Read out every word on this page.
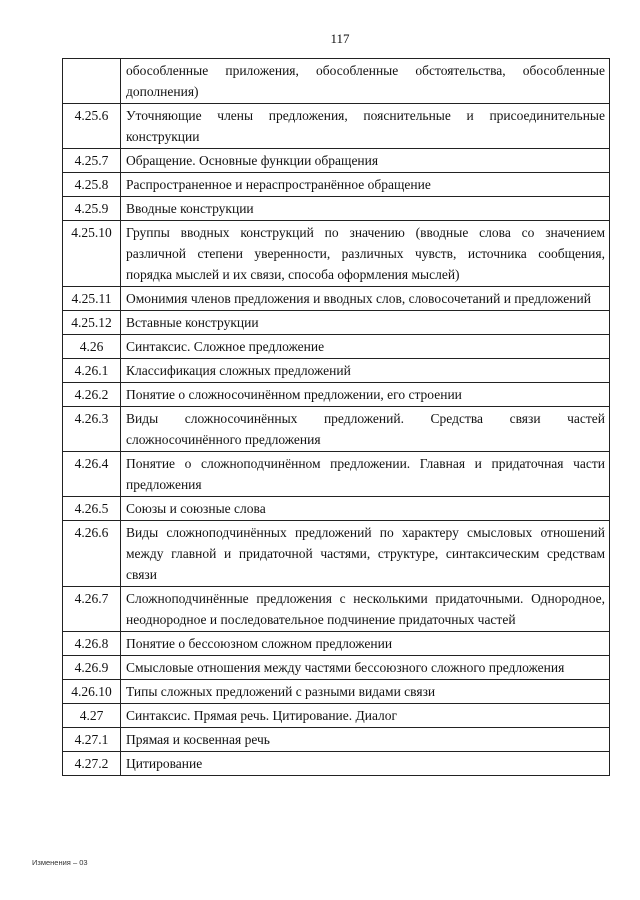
117
	обособленные приложения, обособленные обстоятельства, обособленные дополнения)
4.25.6	Уточняющие члены предложения, пояснительные и присоединительные конструкции
4.25.7	Обращение. Основные функции обращения
4.25.8	Распространенное и нераспространённое обращение
4.25.9	Вводные конструкции
4.25.10	Группы вводных конструкций по значению (вводные слова со значением различной степени уверенности, различных чувств, источника сообщения, порядка мыслей и их связи, способа оформления мыслей)
4.25.11	Омонимия членов предложения и вводных слов, словосочетаний и предложений
4.25.12	Вставные конструкции
4.26	Синтаксис. Сложное предложение
4.26.1	Классификация сложных предложений
4.26.2	Понятие о сложносочинённом предложении, его строении
4.26.3	Виды сложносочинённых предложений. Средства связи частей сложносочинённого предложения
4.26.4	Понятие о сложноподчинённом предложении. Главная и придаточная части предложения
4.26.5	Союзы и союзные слова
4.26.6	Виды сложноподчинённых предложений по характеру смысловых отношений между главной и придаточной частями, структуре, синтаксическим средствам связи
4.26.7	Сложноподчинённые предложения с несколькими придаточными. Однородное, неоднородное и последовательное подчинение придаточных частей
4.26.8	Понятие о бессоюзном сложном предложении
4.26.9	Смысловые отношения между частями бессоюзного сложного предложения
4.26.10	Типы сложных предложений с разными видами связи
4.27	Синтаксис. Прямая речь. Цитирование. Диалог
4.27.1	Прямая и косвенная речь
4.27.2	Цитирование
Изменения – 03
